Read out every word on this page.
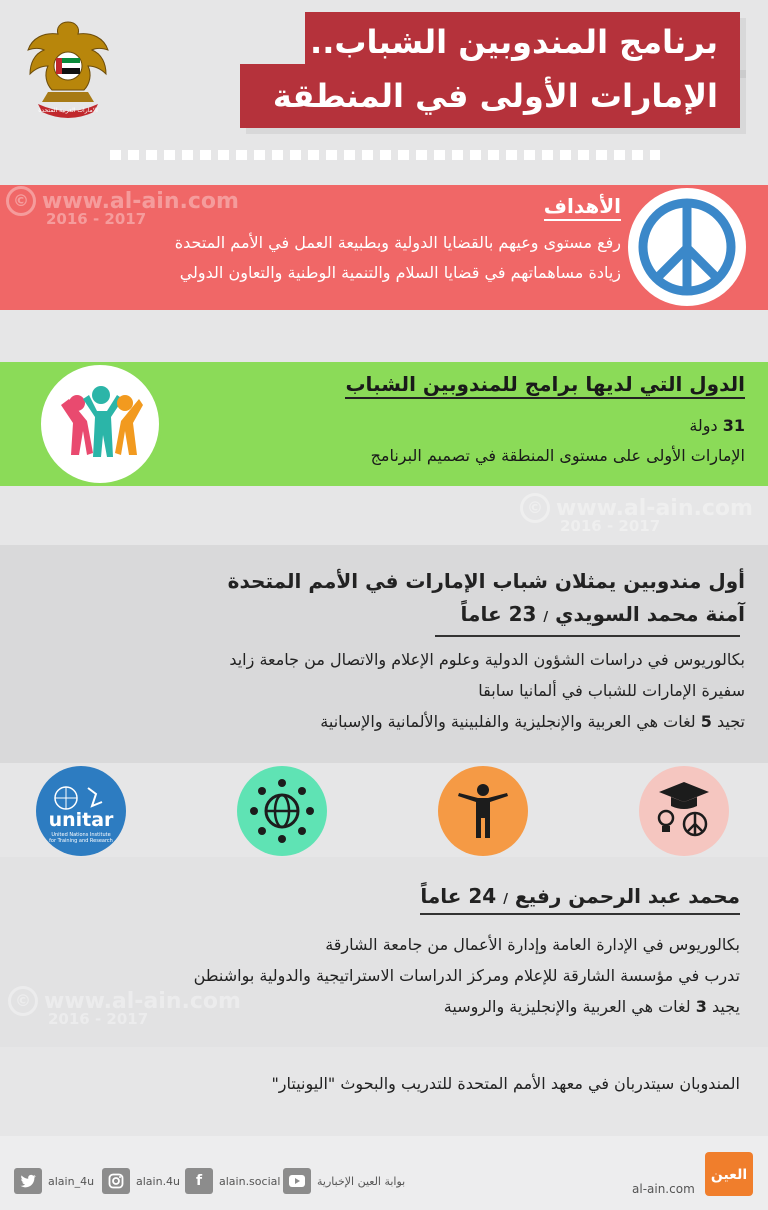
الإمارات العربية المتحدة
برنامج المندوبين الشباب..
الإمارات الأولى في المنطقة
© www.al-ain.com
2016 - 2017
الأهداف
رفع مستوى وعيهم بالقضايا الدولية وبطبيعة العمل في الأمم المتحدة
زيادة مساهماتهم في قضايا السلام والتنمية الوطنية والتعاون الدولي
الدول التي لديها برامج للمندوبين الشباب
31 دولة
الإمارات الأولى على مستوى المنطقة في تصميم البرنامج
© www.al-ain.com
2016 - 2017
أول مندوبين يمثلان شباب الإمارات في الأمم المتحدة
آمنة محمد السويدي / 23 عاماً
بكالوريوس في دراسات الشؤون الدولية وعلوم الإعلام والاتصال من جامعة زايد
سفيرة الإمارات للشباب في ألمانيا سابقا
تجيد 5 لغات هي العربية والإنجليزية والفلبينية والألمانية والإسبانية
unitar
United Nations Institute
for Training and Research
محمد عبد الرحمن رفيع / 24 عاماً
بكالوريوس في الإدارة العامة وإدارة الأعمال من جامعة الشارقة
تدرب في مؤسسة الشارقة للإعلام ومركز الدراسات الاستراتيجية والدولية بواشنطن
يجيد 3 لغات هي العربية والإنجليزية والروسية
© www.al-ain.com
2016 - 2017
المندوبان سيتدربان في معهد الأمم المتحدة للتدريب والبحوث "اليونيتار"
alain_4u	alain.4u	f	alain.social	بوابة العين الإخبارية
al-ain.com
العين
